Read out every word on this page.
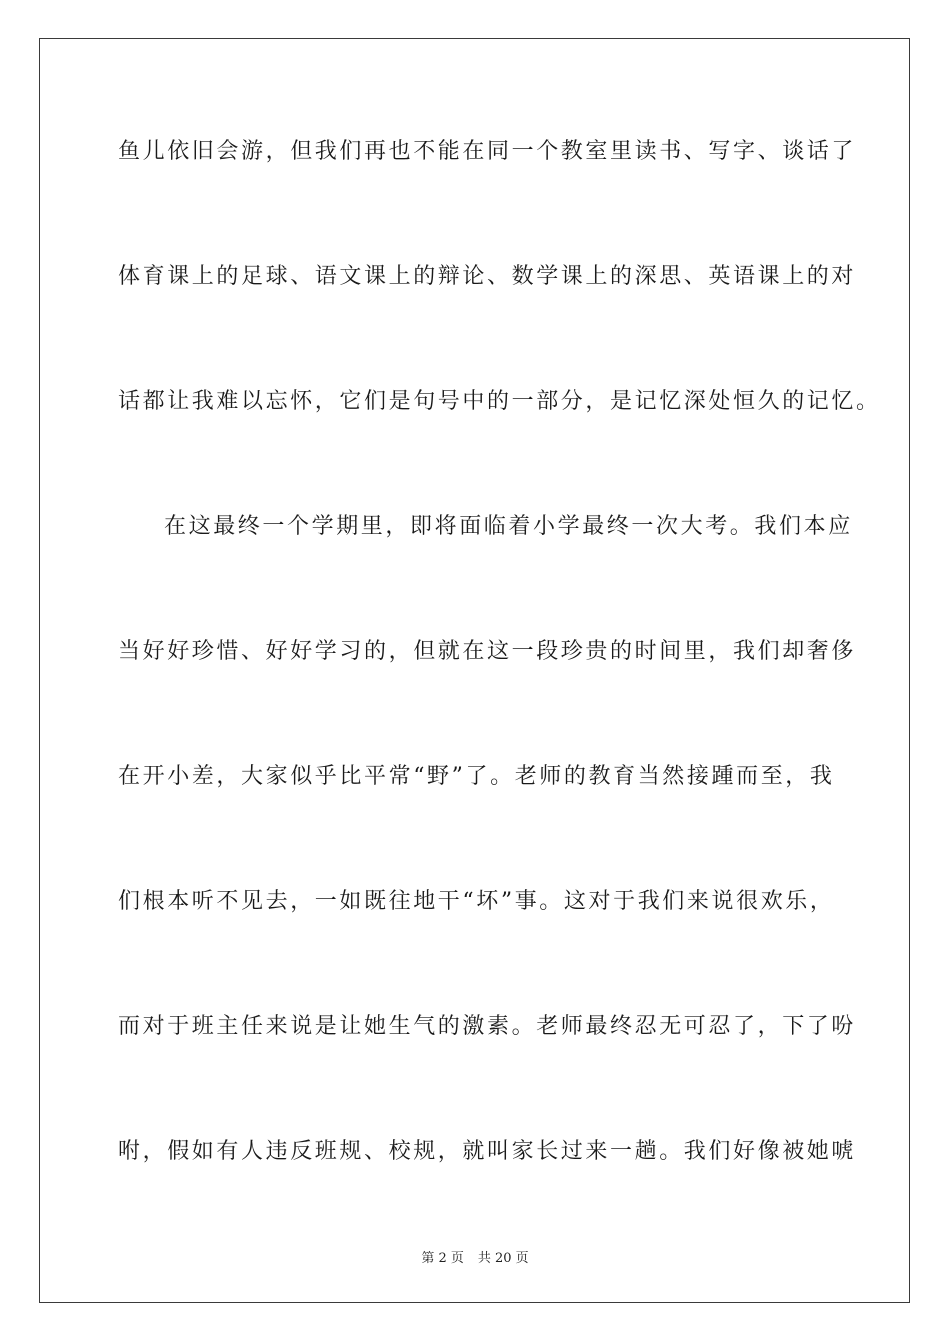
鱼儿依旧会游，但我们再也不能在同一个教室里读书、写字、谈话了
体育课上的足球、语文课上的辩论、数学课上的深思、英语课上的对
话都让我难以忘怀，它们是句号中的一部分，是记忆深处恒久的记忆。
在这最终一个学期里，即将面临着小学最终一次大考。我们本应
当好好珍惜、好好学习的，但就在这一段珍贵的时间里，我们却奢侈
在开小差，大家似乎比平常“野”了。老师的教育当然接踵而至，我
们根本听不见去，一如既往地干“坏”事。这对于我们来说很欢乐，
而对于班主任来说是让她生气的激素。老师最终忍无可忍了，下了吩
咐，假如有人违反班规、校规，就叫家长过来一趟。我们好像被她唬
第 2 页 共 20 页
